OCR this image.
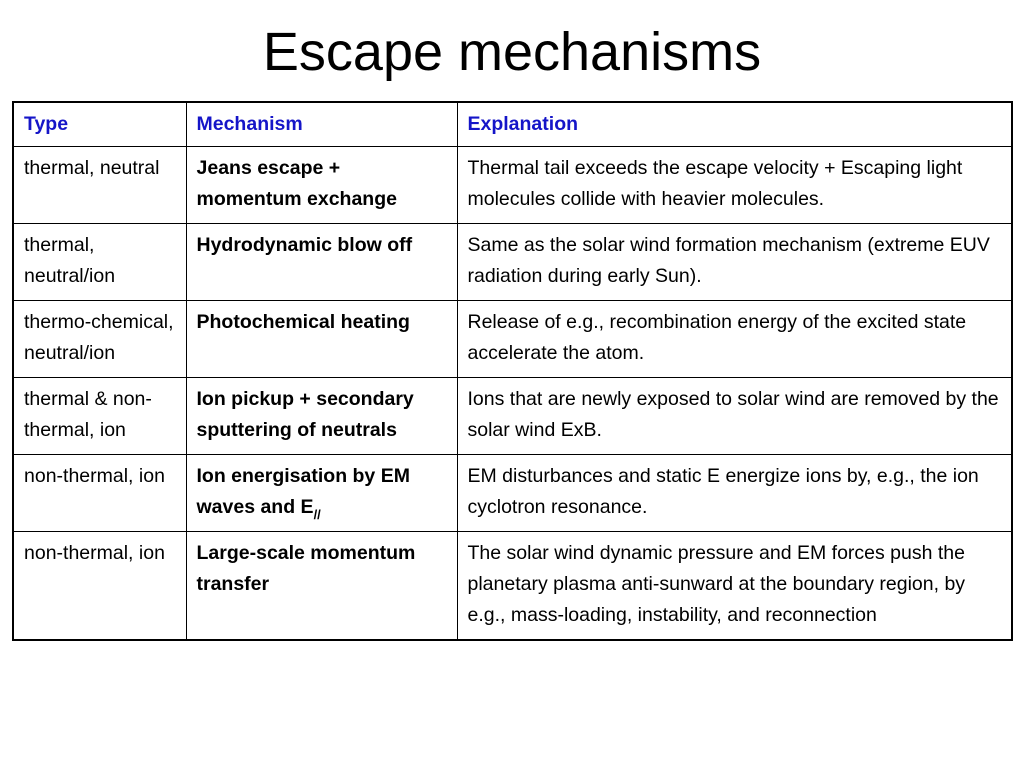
Escape mechanisms
Type	Mechanism	Explanation
thermal, neutral	Jeans escape + momentum exchange	Thermal tail exceeds the escape velocity + Escaping light molecules collide with heavier molecules.
thermal, neutral/ion	Hydrodynamic blow off	Same as the solar wind formation mechanism (extreme EUV radiation during early Sun).
thermo-chemical, neutral/ion	Photochemical heating	Release of e.g., recombination energy of the excited state accelerate the atom.
thermal & non-thermal, ion	Ion pickup + secondary sputtering of neutrals	Ions that are newly exposed to solar wind are removed by the solar wind ExB.
non-thermal, ion	Ion energisation by EM waves and $E_{//}$	EM disturbances and static E energize ions by, e.g., the ion cyclotron resonance.
non-thermal, ion	Large-scale momentum transfer	The solar wind dynamic pressure and EM forces push the planetary plasma anti-sunward at the boundary region, by e.g., mass-loading, instability, and reconnection
